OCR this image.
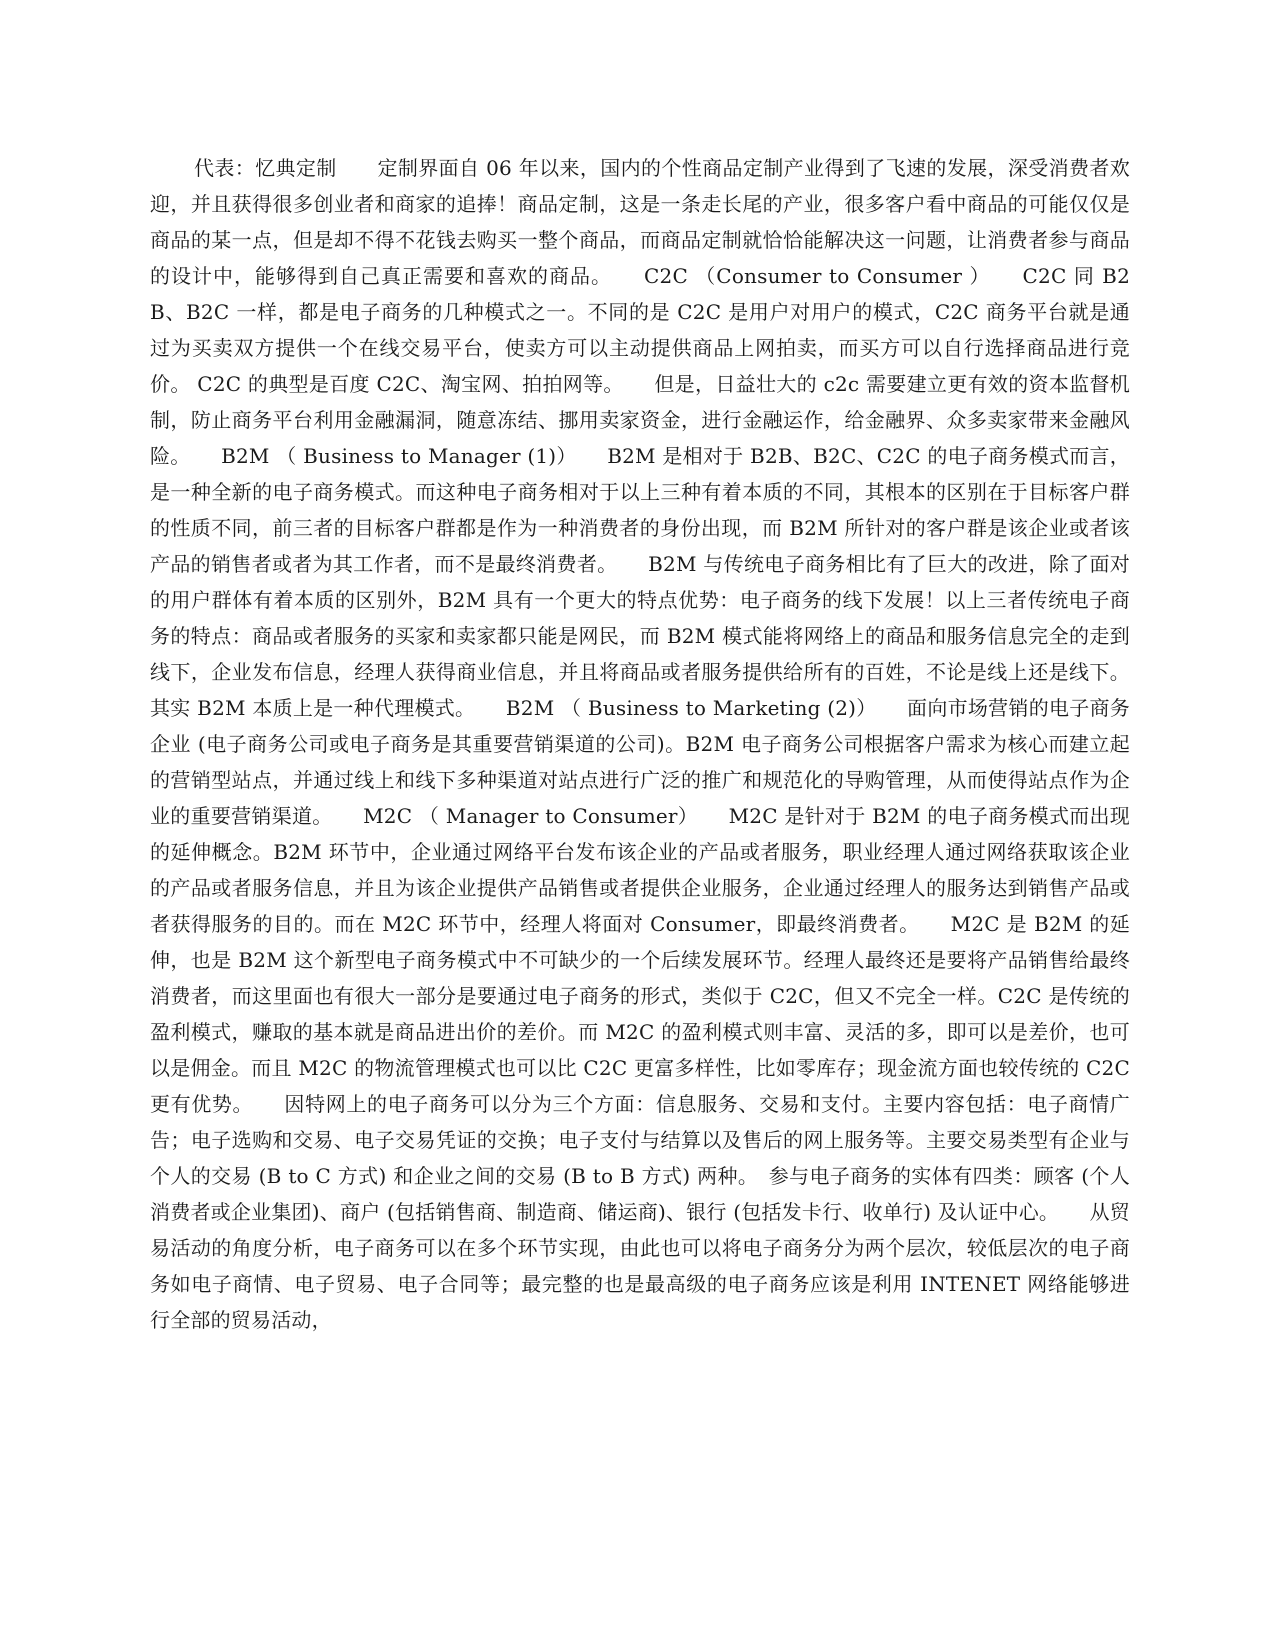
代表：忆典定制　　定制界面自 06 年以来，国内的个性商品定制产业得到了飞速的发展，深受消费者欢迎，并且获得很多创业者和商家的追捧！商品定制，这是一条走长尾的产业，很多客户看中商品的可能仅仅是商品的某一点，但是却不得不花钱去购买一整个商品，而商品定制就恰恰能解决这一问题，让消费者参与商品的设计中，能够得到自己真正需要和喜欢的商品。　　C2C （Consumer to Consumer ）　　C2C 同 B2B、B2C 一样，都是电子商务的几种模式之一。不同的是 C2C 是用户对用户的模式，C2C 商务平台就是通过为买卖双方提供一个在线交易平台，使卖方可以主动提供商品上网拍卖，而买方可以自行选择商品进行竞价。 C2C 的典型是百度 C2C、淘宝网、拍拍网等。　　但是，日益壮大的 c2c 需要建立更有效的资本监督机制，防止商务平台利用金融漏洞，随意冻结、挪用卖家资金，进行金融运作，给金融界、众多卖家带来金融风险。　　B2M （ Business to Manager (1)）　　B2M 是相对于 B2B、B2C、C2C 的电子商务模式而言，是一种全新的电子商务模式。而这种电子商务相对于以上三种有着本质的不同，其根本的区别在于目标客户群的性质不同，前三者的目标客户群都是作为一种消费者的身份出现，而 B2M 所针对的客户群是该企业或者该产品的销售者或者为其工作者，而不是最终消费者。　　B2M 与传统电子商务相比有了巨大的改进，除了面对的用户群体有着本质的区别外，B2M 具有一个更大的特点优势：电子商务的线下发展！以上三者传统电子商务的特点：商品或者服务的买家和卖家都只能是网民，而 B2M 模式能将网络上的商品和服务信息完全的走到线下，企业发布信息，经理人获得商业信息，并且将商品或者服务提供给所有的百姓，不论是线上还是线下。其实 B2M 本质上是一种代理模式。　　B2M （ Business to Marketing (2)）　　面向市场营销的电子商务企业 (电子商务公司或电子商务是其重要营销渠道的公司)。B2M 电子商务公司根据客户需求为核心而建立起的营销型站点，并通过线上和线下多种渠道对站点进行广泛的推广和规范化的导购管理，从而使得站点作为企业的重要营销渠道。　　M2C （ Manager to Consumer）　　M2C 是针对于 B2M 的电子商务模式而出现的延伸概念。B2M 环节中，企业通过网络平台发布该企业的产品或者服务，职业经理人通过网络获取该企业的产品或者服务信息，并且为该企业提供产品销售或者提供企业服务，企业通过经理人的服务达到销售产品或者获得服务的目的。而在 M2C 环节中，经理人将面对 Consumer，即最终消费者。　　M2C 是 B2M 的延伸，也是 B2M 这个新型电子商务模式中不可缺少的一个后续发展环节。经理人最终还是要将产品销售给最终消费者，而这里面也有很大一部分是要通过电子商务的形式，类似于 C2C，但又不完全一样。C2C 是传统的盈利模式，赚取的基本就是商品进出价的差价。而 M2C 的盈利模式则丰富、灵活的多，即可以是差价，也可以是佣金。而且 M2C 的物流管理模式也可以比 C2C 更富多样性，比如零库存；现金流方面也较传统的 C2C 更有优势。　　因特网上的电子商务可以分为三个方面：信息服务、交易和支付。主要内容包括：电子商情广告；电子选购和交易、电子交易凭证的交换；电子支付与结算以及售后的网上服务等。主要交易类型有企业与个人的交易 (B to C 方式) 和企业之间的交易 (B to B 方式) 两种。　参与电子商务的实体有四类：顾客 (个人消费者或企业集团)、商户 (包括销售商、制造商、储运商)、银行 (包括发卡行、收单行) 及认证中心。　　从贸易活动的角度分析，电子商务可以在多个环节实现，由此也可以将电子商务分为两个层次，较低层次的电子商务如电子商情、电子贸易、电子合同等；最完整的也是最高级的电子商务应该是利用 INTENET 网络能够进行全部的贸易活动，
